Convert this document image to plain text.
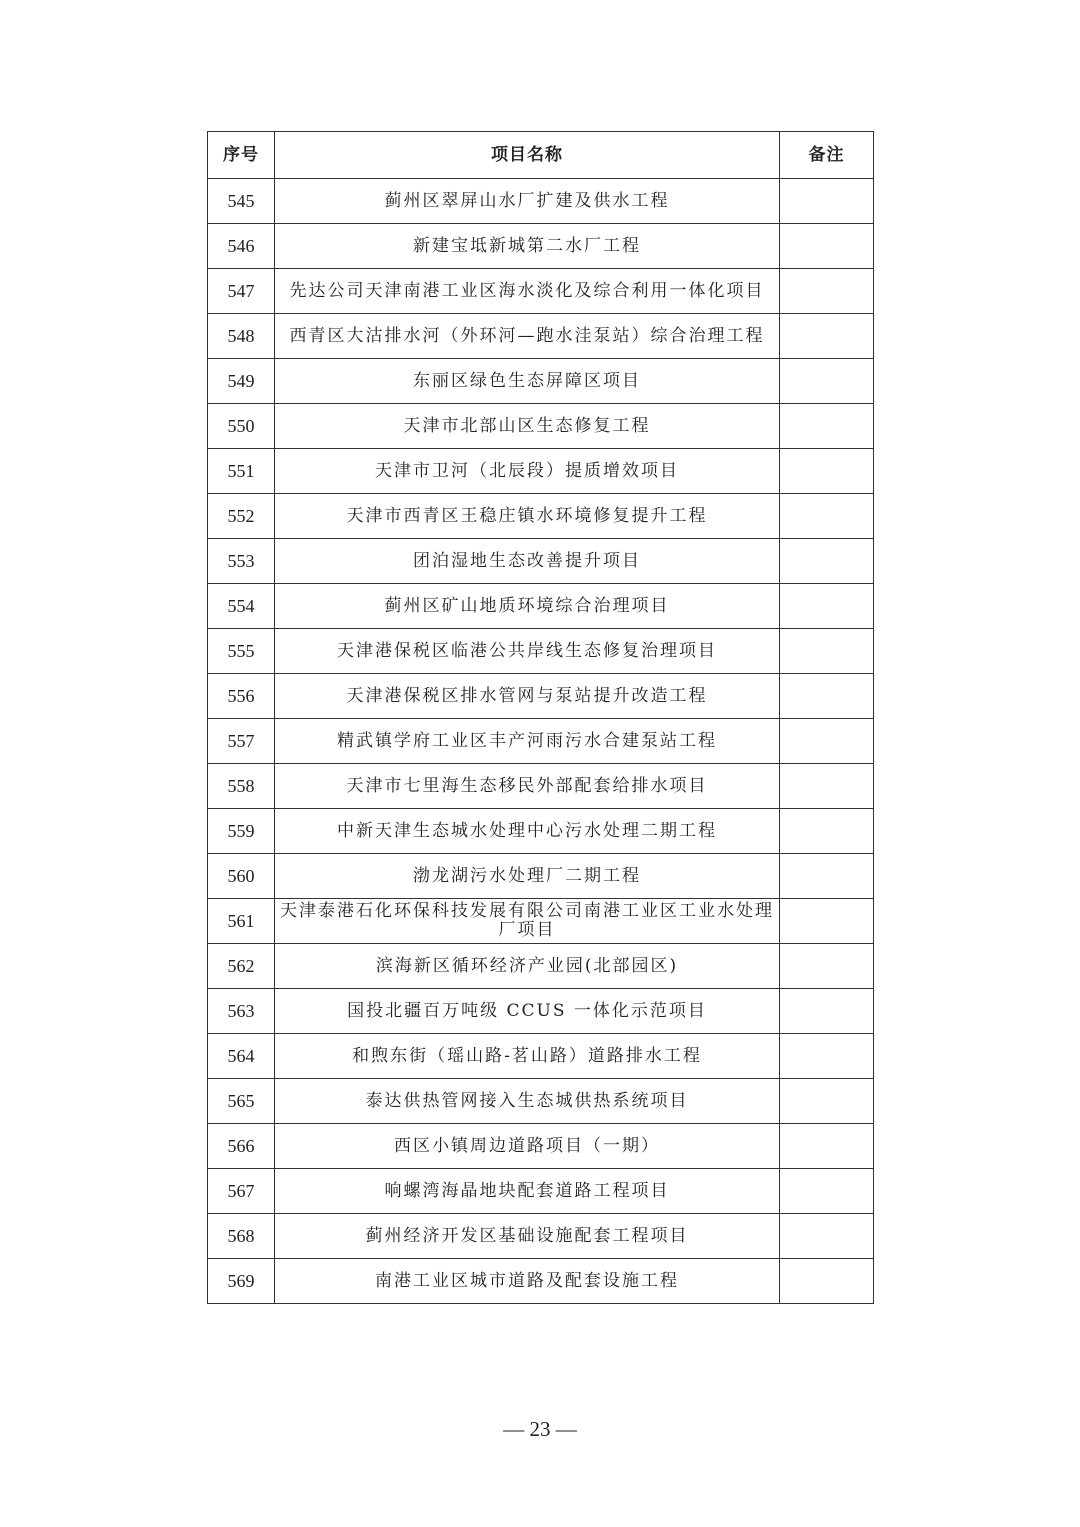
序号	项目名称	备注
545	蓟州区翠屏山水厂扩建及供水工程	
546	新建宝坻新城第二水厂工程	
547	先达公司天津南港工业区海水淡化及综合利用一体化项目	
548	西青区大沽排水河（外环河—跑水洼泵站）综合治理工程	
549	东丽区绿色生态屏障区项目	
550	天津市北部山区生态修复工程	
551	天津市卫河（北辰段）提质增效项目	
552	天津市西青区王稳庄镇水环境修复提升工程	
553	团泊湿地生态改善提升项目	
554	蓟州区矿山地质环境综合治理项目	
555	天津港保税区临港公共岸线生态修复治理项目	
556	天津港保税区排水管网与泵站提升改造工程	
557	精武镇学府工业区丰产河雨污水合建泵站工程	
558	天津市七里海生态移民外部配套给排水项目	
559	中新天津生态城水处理中心污水处理二期工程	
560	渤龙湖污水处理厂二期工程	
561	天津泰港石化环保科技发展有限公司南港工业区工业水处理厂项目	
562	滨海新区循环经济产业园(北部园区)	
563	国投北疆百万吨级 CCUS 一体化示范项目	
564	和煦东街（瑶山路-茗山路）道路排水工程	
565	泰达供热管网接入生态城供热系统项目	
566	西区小镇周边道路项目（一期）	
567	响螺湾海晶地块配套道路工程项目	
568	蓟州经济开发区基础设施配套工程项目	
569	南港工业区城市道路及配套设施工程	
— 23 —
